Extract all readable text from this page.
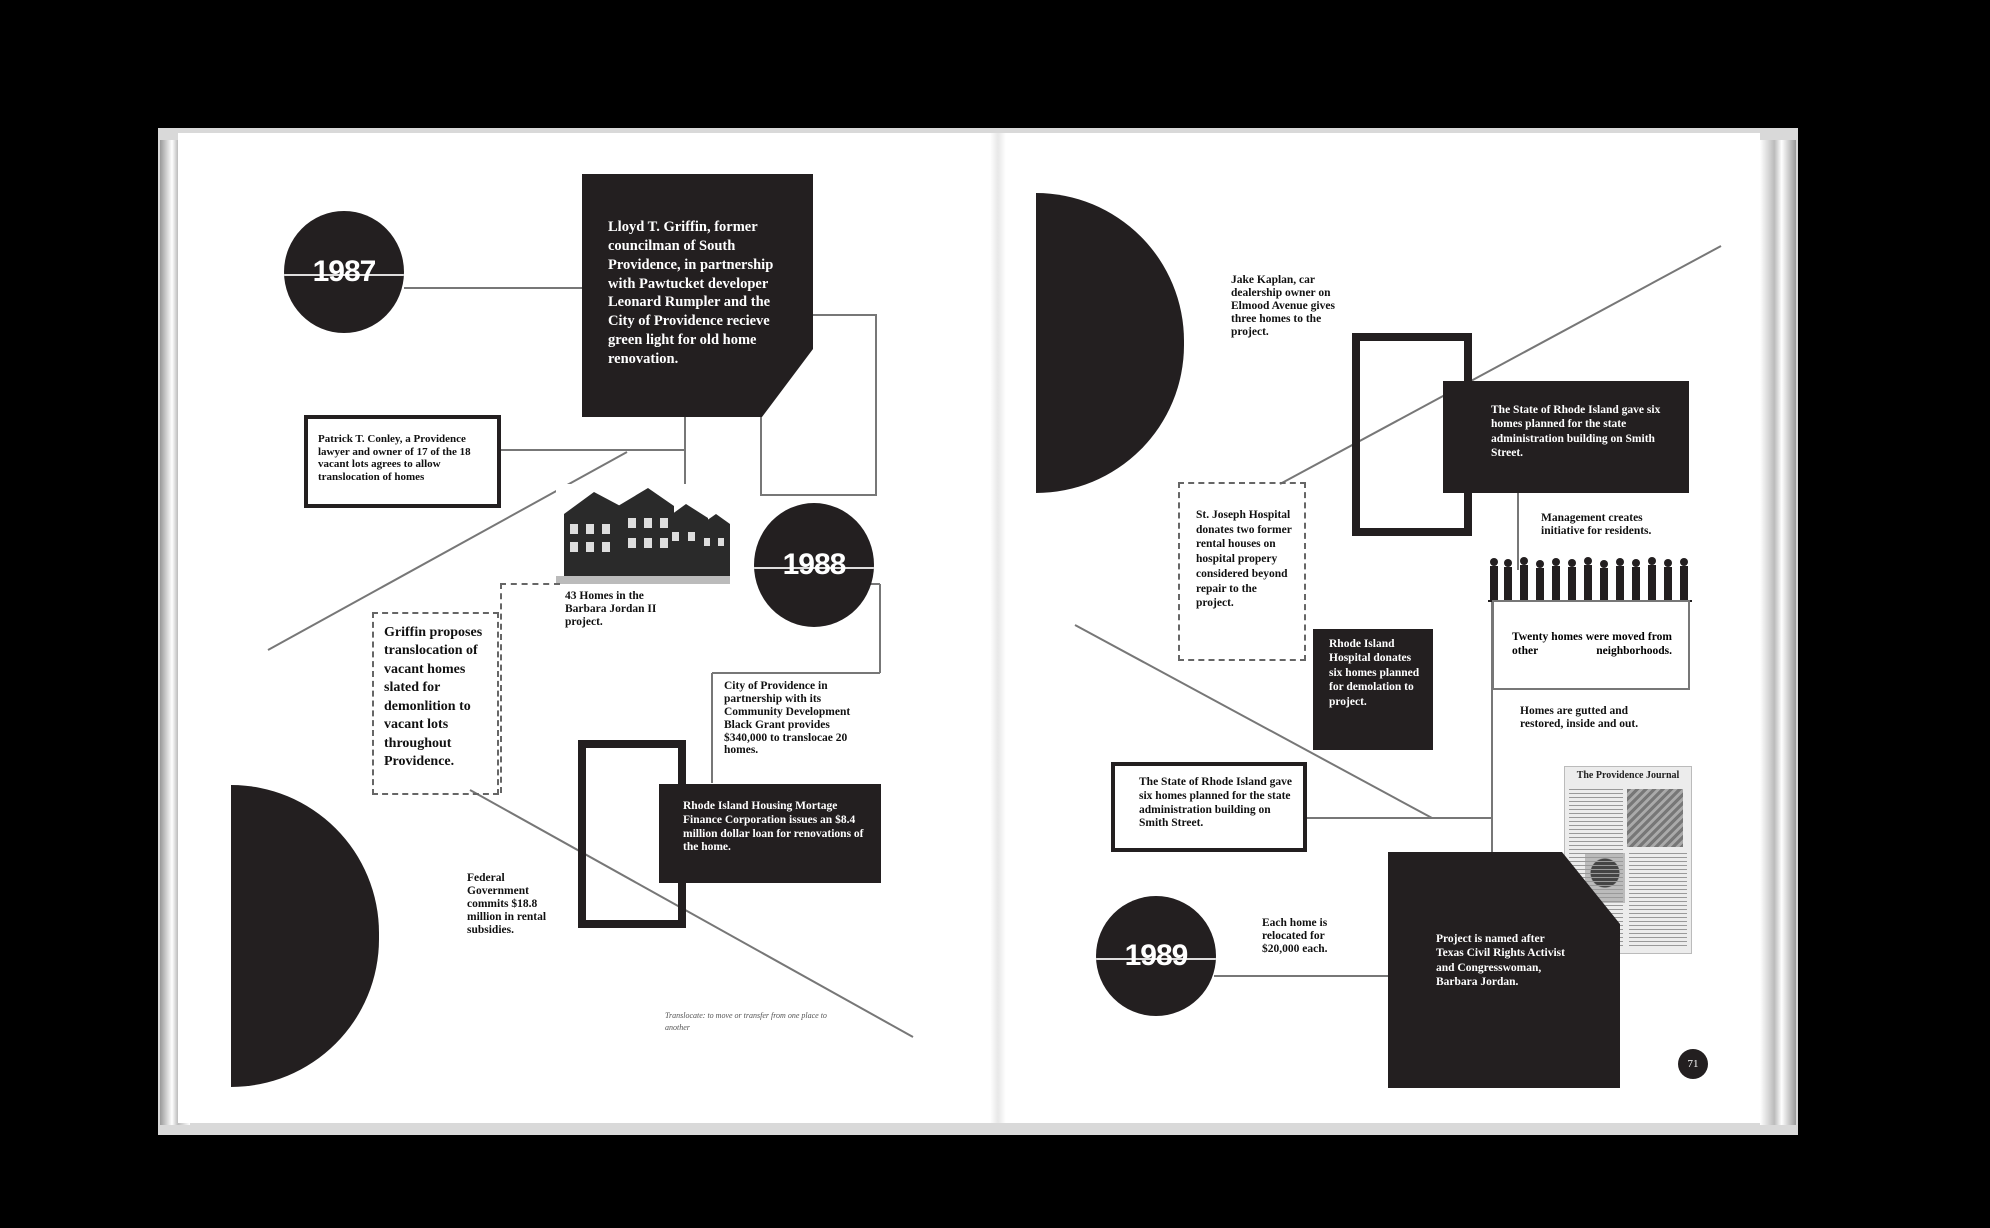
1987
Lloyd T. Griffin, former councilman of South Providence, in partnership with Pawtucket developer Leonard Rumpler and the City of Providence recieve green light for old home renovation.
Patrick T. Conley, a Providence lawyer and owner of 17 of the 18 vacant lots agrees to allow translocation of homes
1988
43 Homes in the Barbara Jordan II project.
Griffin proposes translocation of vacant homes slated for demonlition to vacant lots throughout Providence.
City of Providence in partnership with its Community Development Black Grant provides $340,000 to translocae 20 homes.
Rhode Island Housing Mortage Finance Corporation issues an $8.4 million dollar loan for renovations of the home.
Federal Government commits $18.8 million in rental subsidies.
Translocate: to move or transfer from one place to another
Jake Kaplan, car dealership owner on Elmood Avenue gives three homes to the project.
The State of Rhode Island gave six homes planned for the state administration building on Smith Street.
St. Joseph Hospital donates two former rental houses on hospital propery considered beyond repair to the project.
Management creates initiative for residents.
Twenty homes were moved from other neighborhoods.
Rhode Island Hospital donates six homes planned for demolation to project.
Homes are gutted and restored, inside and out.
The State of Rhode Island gave six homes planned for the state administration building on Smith Street.
The Providence Journal
Project is named after Texas Civil Rights Activist and Congresswoman, Barbara Jordan.
1989
Each home is relocated for $20,000 each.
71
